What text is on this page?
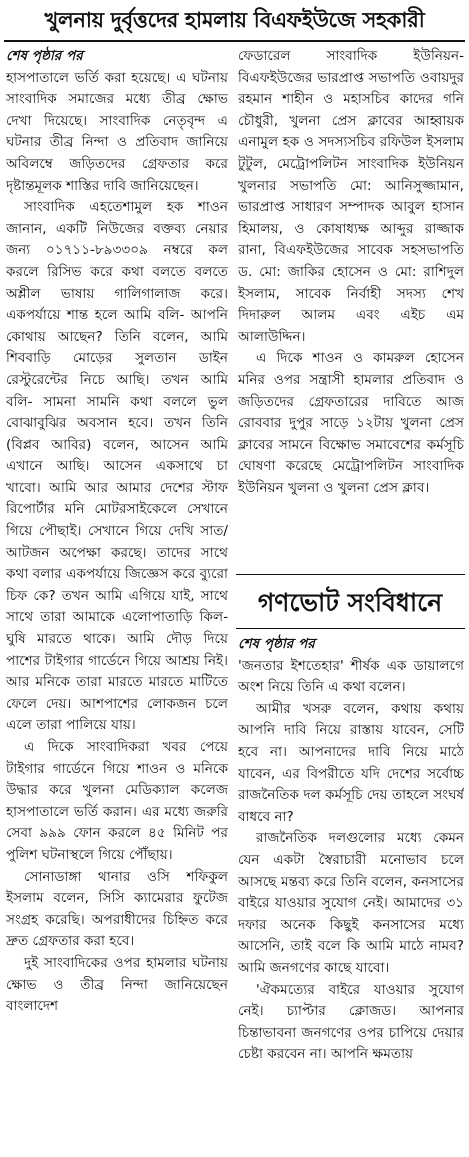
খুলনায় দুর্বৃত্তদের হামলায় বিএফইউজে সহকারী

শেষ পৃষ্ঠার পর

হাসপাতালে ভর্তি করা হয়েছে। এ ঘটনায় সাংবাদিক সমাজের মধ্যে তীব্র ক্ষোভ দেখা দিয়েছে। সাংবাদিক নেতৃবৃন্দ এ ঘটনার তীব্র নিন্দা ও প্রতিবাদ জানিয়ে অবিলম্বে জড়িতদের গ্রেফতার করে দৃষ্টান্তমূলক শাস্তির দাবি জানিয়েছেন।

সাংবাদিক এহতেশামুল হক শাওন জানান, একটি নিউজের বক্তব্য নেয়ার জন্য ০১৭১১-৮৯৩৩০৯ নম্বরে কল করলে রিসিভ করে কথা বলতে বলতে অশ্লীল ভাষায় গালিগালাজ করে। একপর্যায়ে শান্ত হলে আমি বলি- আপনি কোথায় আছেন? তিনি বলেন, আমি শিববাড়ি মোড়ের সুলতান ডাইন রেস্টুরেন্টের নিচে আছি। তখন আমি বলি- সামনা সামনি কথা বললে ভুল বোঝাবুঝির অবসান হবে। তখন তিনি (বিপ্লব আবির) বলেন, আসেন আমি এখানে আছি। আসেন একসাথে চা খাবো। আমি আর আমার দেশের স্টাফ রিপোর্টার মনি মোটরসাইকেলে সেখানে গিয়ে পৌছাই। সেখানে গিয়ে দেখি সাত/আটজন অপেক্ষা করছে। তাদের সাথে কথা বলার একপর্যায়ে জিজ্ঞেস করে ব্যুরো চিফ কে? তখন আমি এগিয়ে যাই, সাথে সাথে তারা আমাকে এলোপাতাড়ি কিল-ঘুষি মারতে থাকে। আমি দৌড় দিয়ে পাশের টাইগার গার্ডেনে গিয়ে আশ্রয় নিই। আর মনিকে তারা মারতে মারতে মাটিতে ফেলে দেয়। আশপাশের লোকজন চলে এলে তারা পালিয়ে যায়।

এ দিকে সাংবাদিকরা খবর পেয়ে টাইগার গার্ডেনে গিয়ে শাওন ও মনিকে উদ্ধার করে খুলনা মেডিক্যাল কলেজ হাসপাতালে ভর্তি করান। এর মধ্যে জরুরি সেবা ৯৯৯ ফোন করলে ৪৫ মিনিট পর পুলিশ ঘটনাস্থলে গিয়ে পৌঁছায়।

সোনাডাঙ্গা থানার ওসি শফিকুল ইসলাম বলেন, সিসি ক্যামেরার ফুটেজ সংগ্রহ করেছি। অপরাধীদের চিহ্নিত করে দ্রুত গ্রেফতার করা হবে।

দুই সাংবাদিকের ওপর হামলার ঘটনায় ক্ষোভ ও তীব্র নিন্দা জানিয়েছেন বাংলাদেশ

ফেডারেল সাংবাদিক ইউনিয়ন- বিএফইউজের ভারপ্রাপ্ত সভাপতি ওবায়দুর রহমান শাহীন ও মহাসচিব কাদের গনি চৌধুরী, খুলনা প্রেস ক্লাবের আহ্বায়ক এনামুল হক ও সদস্যসচিব রফিউল ইসলাম টুটুল, মেট্রোপলিটন সাংবাদিক ইউনিয়ন খুলনার সভাপতি মো: আনিসুজ্জামান, ভারপ্রাপ্ত সাধারণ সম্পাদক আবুল হাসান হিমালয়, ও কোষাধ্যক্ষ আব্দুর রাজ্জাক রানা, বিএফইউজের সাবেক সহসভাপতি ড. মো: জাকির হোসেন ও মো: রাশিদুল ইসলাম, সাবেক নির্বাহী সদস্য শেখ দিদারুল আলম এবং এইচ এম আলাউদ্দিন।

এ দিকে শাওন ও কামরুল হোসেন মনির ওপর সন্ত্রাসী হামলার প্রতিবাদ ও জড়িতদের গ্রেফতারের দাবিতে আজ রোববার দুপুর সাড়ে ১২টায় খুলনা প্রেস ক্লাবের সামনে বিক্ষোভ সমাবেশের কর্মসূচি ঘোষণা করেছে মেট্রোপলিটন সাংবাদিক ইউনিয়ন খুলনা ও খুলনা প্রেস ক্লাব।

গণভোট সংবিধানে

শেষ পৃষ্ঠার পর

'জনতার ইশতেহার' শীর্ষক এক ডায়ালগে অংশ নিয়ে তিনি এ কথা বলেন।

আমীর খসরু বলেন, কথায় কথায় আপনি দাবি নিয়ে রাস্তায় যাবেন, সেটি হবে না। আপনাদের দাবি নিয়ে মাঠে যাবেন, এর বিপরীতে যদি দেশের সর্বোচ্চ রাজনৈতিক দল কর্মসূচি দেয় তাহলে সংঘর্ষ বাধবে না?

রাজনৈতিক দলগুলোর মধ্যে কেমন যেন একটা স্বৈরাচারী মনোভাব চলে আসছে মন্তব্য করে তিনি বলেন, কনসাসের বাইরে যাওয়ার সুযোগ নেই। আমাদের ৩১ দফার অনেক কিছুই কনসাসের মধ্যে আসেনি, তাই বলে কি আমি মাঠে নামব? আমি জনগণের কাছে যাবো।

'ঐকমত্যের বাইরে যাওয়ার সুযোগ নেই। চ্যাপ্টার ক্লোজড। আপনার চিন্তাভাবনা জনগণের ওপর চাপিয়ে দেয়ার চেষ্টা করবেন না। আপনি ক্ষমতায়
